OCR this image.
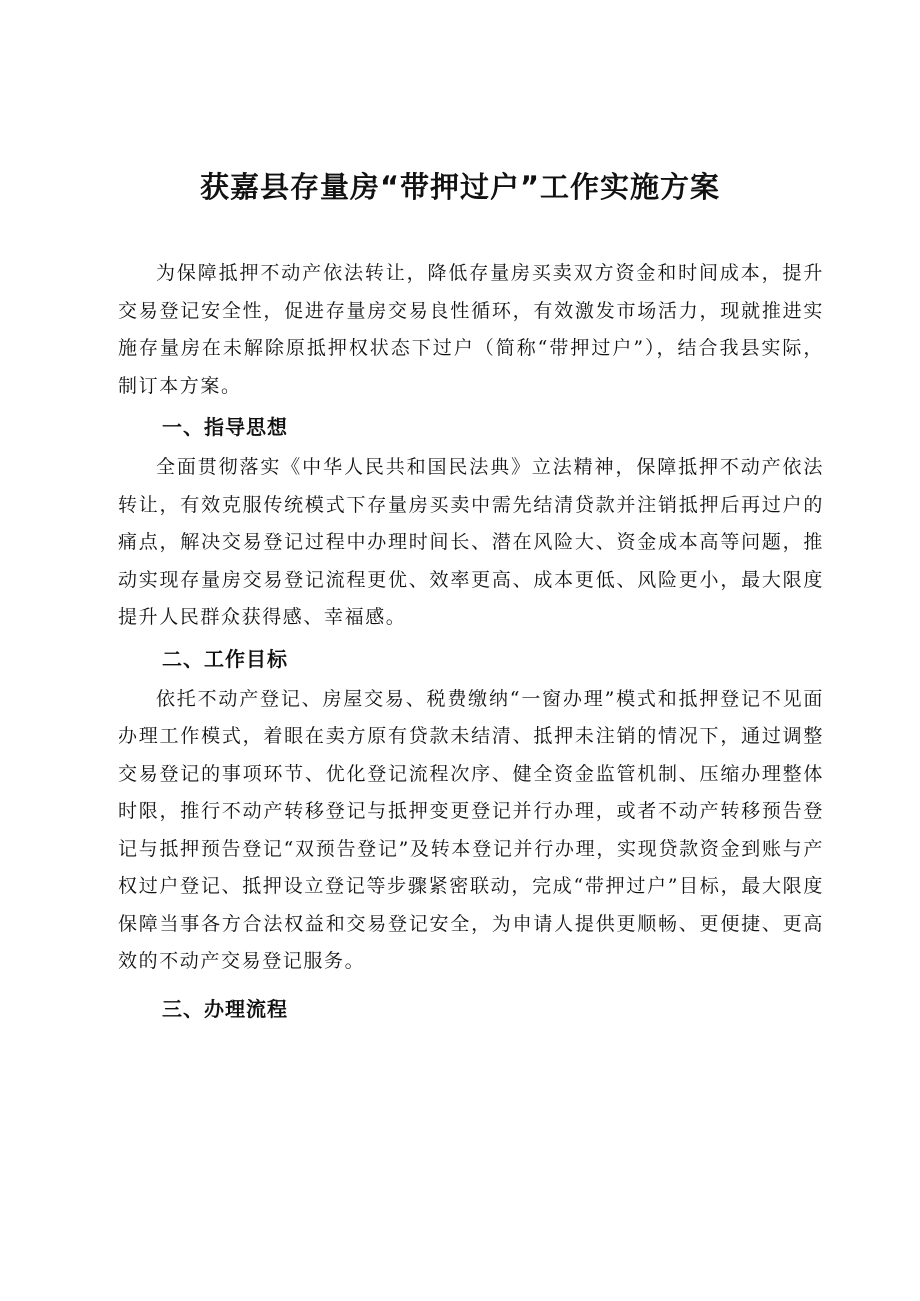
获嘉县存量房“带押过户”工作实施方案

为保障抵押不动产依法转让，降低存量房买卖双方资金和时间成本，提升交易登记安全性，促进存量房交易良性循环，有效激发市场活力，现就推进实施存量房在未解除原抵押权状态下过户（简称“带押过户”），结合我县实际，制订本方案。

一、指导思想

全面贯彻落实《中华人民共和国民法典》立法精神，保障抵押不动产依法转让，有效克服传统模式下存量房买卖中需先结清贷款并注销抵押后再过户的痛点，解决交易登记过程中办理时间长、潜在风险大、资金成本高等问题，推动实现存量房交易登记流程更优、效率更高、成本更低、风险更小，最大限度提升人民群众获得感、幸福感。

二、工作目标

依托不动产登记、房屋交易、税费缴纳“一窗办理”模式和抵押登记不见面办理工作模式，着眼在卖方原有贷款未结清、抵押未注销的情况下，通过调整交易登记的事项环节、优化登记流程次序、健全资金监管机制、压缩办理整体时限，推行不动产转移登记与抵押变更登记并行办理，或者不动产转移预告登记与抵押预告登记“双预告登记”及转本登记并行办理，实现贷款资金到账与产权过户登记、抵押设立登记等步骤紧密联动，完成“带押过户”目标，最大限度保障当事各方合法权益和交易登记安全，为申请人提供更顺畅、更便捷、更高效的不动产交易登记服务。

三、办理流程
